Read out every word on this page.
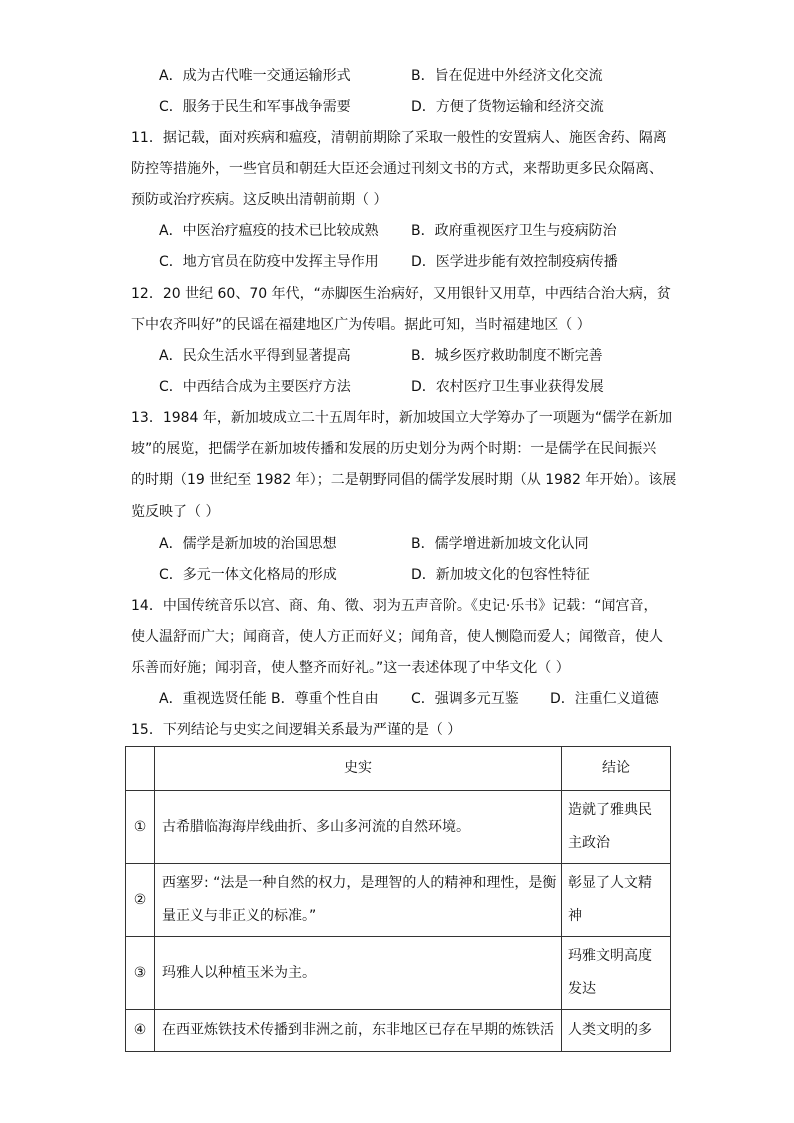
A．成为古代唯一交通运输形式	B．旨在促进中外经济文化交流
C．服务于民生和军事战争需要	D．方便了货物运输和经济交流
11．据记载，面对疾病和瘟疫，清朝前期除了采取一般性的安置病人、施医舍药、隔离
防控等措施外，一些官员和朝廷大臣还会通过刊刻文书的方式，来帮助更多民众隔离、
预防或治疗疾病。这反映出清朝前期（ ）
A．中医治疗瘟疫的技术已比较成熟 B．政府重视医疗卫生与疫病防治
C．地方官员在防疫中发挥主导作用 D．医学进步能有效控制疫病传播
12．20 世纪 60、70 年代，“赤脚医生治病好，又用银针又用草，中西结合治大病，贫
下中农齐叫好”的民谣在福建地区广为传唱。据此可知，当时福建地区（ ）
A．民众生活水平得到显著提高	B．城乡医疗救助制度不断完善
C．中西结合成为主要医疗方法	D．农村医疗卫生事业获得发展
13．1984 年，新加坡成立二十五周年时，新加坡国立大学筹办了一项题为“儒学在新加
坡”的展览，把儒学在新加坡传播和发展的历史划分为两个时期：一是儒学在民间振兴
的时期（19 世纪至 1982 年）；二是朝野同倡的儒学发展时期（从 1982 年开始）。该展
览反映了（ ）
A．儒学是新加坡的治国思想	B．儒学增进新加坡文化认同
C．多元一体文化格局的形成	D．新加坡文化的包容性特征
14．中国传统音乐以宫、商、角、徵、羽为五声音阶。《史记·乐书》记载：“闻宫音，
使人温舒而广大；闻商音，使人方正而好义；闻角音，使人恻隐而爱人；闻徵音，使人
乐善而好施；闻羽音，使人整齐而好礼。”这一表述体现了中华文化（ ）
A．重视选贤任能 B．尊重个性自由 C．强调多元互鉴 D．注重仁义道德
15．下列结论与史实之间逻辑关系最为严谨的是（ ）
	史实	结论
①	古希腊临海海岸线曲折、多山多河流的自然环境。	造就了雅典民
主政治

②	西塞罗: “法是一种自然的权力，是理智的人的精神和理性，是衡
量正义与非正义的标准。”	彰显了人文精
神

③	玛雅人以种植玉米为主。	玛雅文明高度
发达

④	在西亚炼铁技术传播到非洲之前，东非地区已存在早期的炼铁活	人类文明的多
